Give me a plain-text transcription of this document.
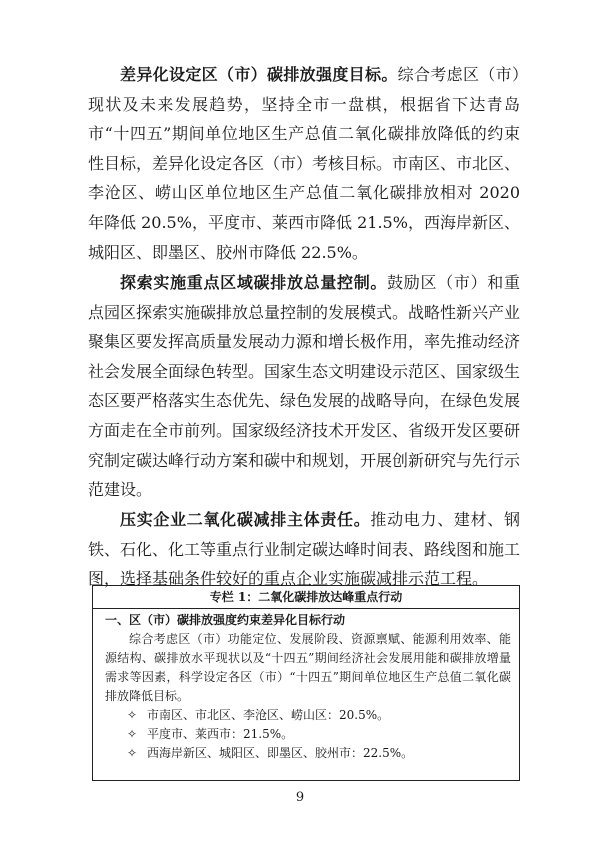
差异化设定区（市）碳排放强度目标。综合考虑区（市）现状及未来发展趋势，坚持全市一盘棋，根据省下达青岛市“十四五”期间单位地区生产总值二氧化碳排放降低的约束性目标，差异化设定各区（市）考核目标。市南区、市北区、李沧区、崂山区单位地区生产总值二氧化碳排放相对 2020 年降低 20.5%，平度市、莱西市降低 21.5%，西海岸新区、城阳区、即墨区、胶州市降低 22.5%。
探索实施重点区域碳排放总量控制。鼓励区（市）和重点园区探索实施碳排放总量控制的发展模式。战略性新兴产业聚集区要发挥高质量发展动力源和增长极作用，率先推动经济社会发展全面绿色转型。国家生态文明建设示范区、国家级生态区要严格落实生态优先、绿色发展的战略导向，在绿色发展方面走在全市前列。国家级经济技术开发区、省级开发区要研究制定碳达峰行动方案和碳中和规划，开展创新研究与先行示范建设。
压实企业二氧化碳减排主体责任。推动电力、建材、钢铁、石化、化工等重点行业制定碳达峰时间表、路线图和施工图，选择基础条件较好的重点企业实施碳减排示范工程。
专栏 1：二氧化碳排放达峰重点行动
一、区（市）碳排放强度约束差异化目标行动
综合考虑区（市）功能定位、发展阶段、资源禀赋、能源利用效率、能源结构、碳排放水平现状以及“十四五”期间经济社会发展用能和碳排放增量需求等因素，科学设定各区（市）“十四五”期间单位地区生产总值二氧化碳排放降低目标。
✧ 市南区、市北区、李沧区、崂山区：20.5%。
✧ 平度市、莱西市：21.5%。
✧ 西海岸新区、城阳区、即墨区、胶州市：22.5%。
9
